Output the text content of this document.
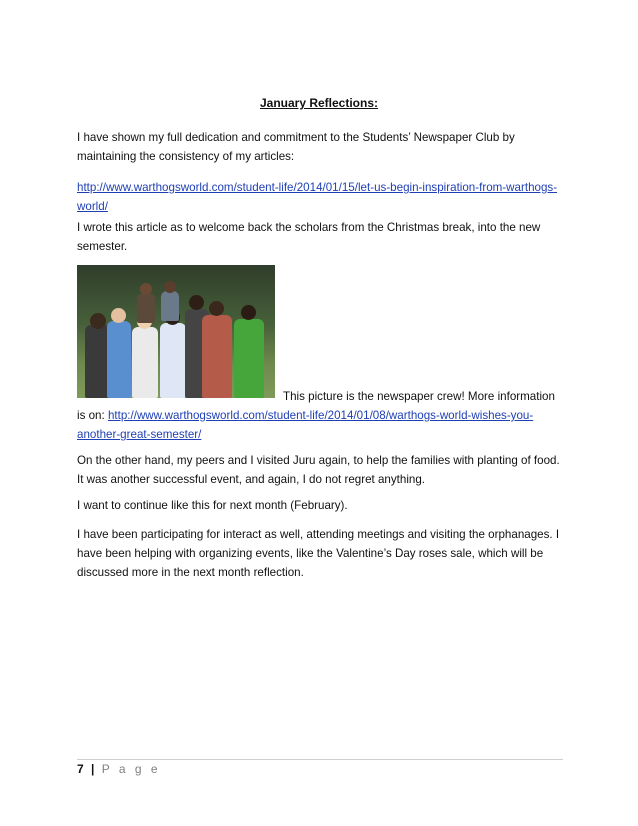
January Reflections:
I have shown my full dedication and commitment to the Students’ Newspaper Club by maintaining the consistency of my articles:
http://www.warthogsworld.com/student-life/2014/01/15/let-us-begin-inspiration-from-warthogs-world/
I wrote this article as to welcome back the scholars from the Christmas break, into the new semester.
This picture is the newspaper crew! More information
is on: http://www.warthogsworld.com/student-life/2014/01/08/warthogs-world-wishes-you-another-great-semester/
On the other hand, my peers and I visited Juru again, to help the families with planting of food. It was another successful event, and again, I do not regret anything.
I want to continue like this for next month (February).
I have been participating for interact as well, attending meetings and visiting the orphanages. I have been helping with organizing events, like the Valentine’s Day roses sale, which will be discussed more in the next month reflection.
7 | P a g e
